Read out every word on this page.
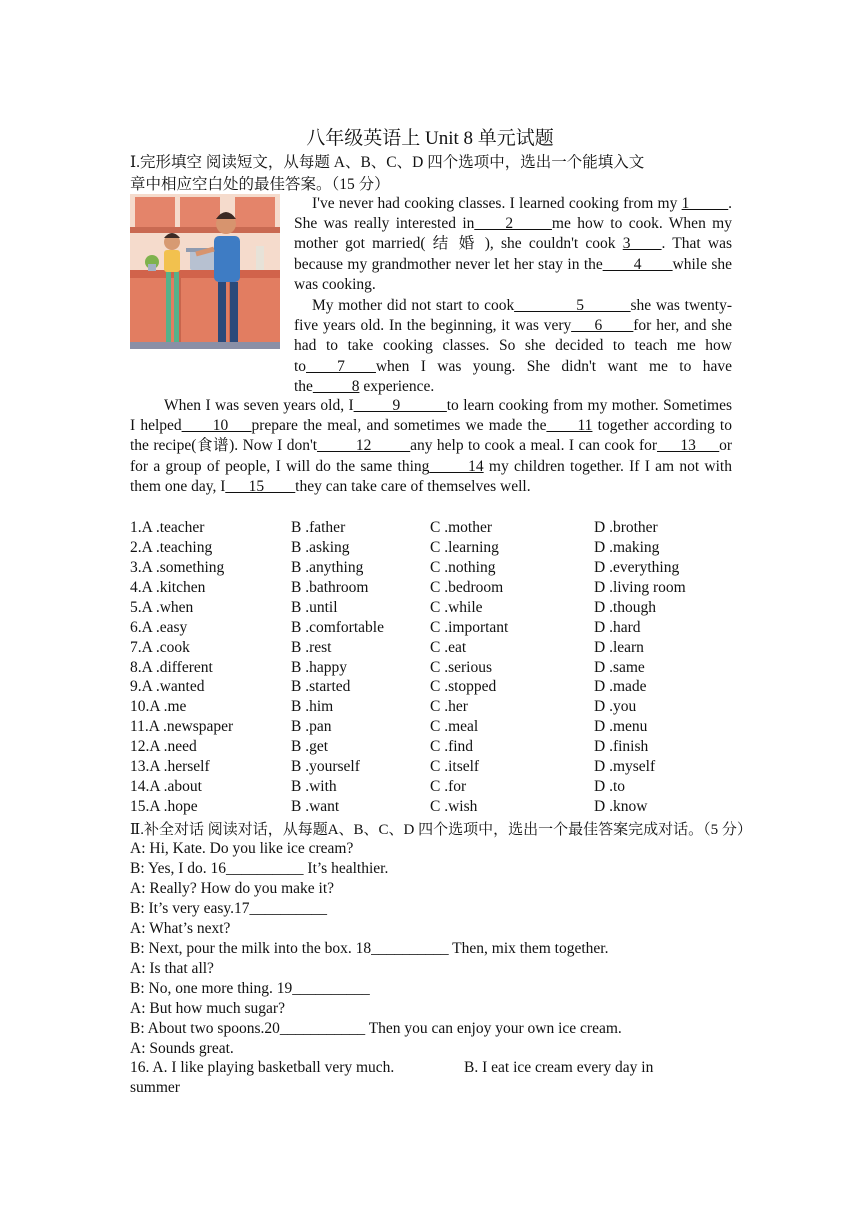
八年级英语上 Unit 8 单元试题
Ⅰ.完形填空 阅读短文，从每题 A、B、C、D 四个选项中，选出一个能填入文
章中相应空白处的最佳答案。（15 分）
I've never had cooking classes. I learned cooking from my 1_____. She was really interested in____2_____me how to cook. When my mother got married( 结 婚 ), she couldn't cook 3____. That was because my grandmother never let her stay in the____4____while she was cooking.
My mother did not start to cook________5______she was twenty-five years old. In the beginning, it was very___6____for her, and she had to take cooking classes. So she decided to teach me how to____7____when I was young. She didn't want me to have the_____8 experience.
When I was seven years old, I_____9______to learn cooking from my mother. Sometimes I helped____10___prepare the meal, and sometimes we made the____11 together according to the recipe(食谱). Now I don't_____12_____any help to cook a meal. I can cook for___13___or for a group of people, I will do the same thing_____14 my children together. If I am not with them one day, I___15____they can take care of themselves well.
1.A .teacher	B .father	C .mother	D .brother
2.A .teaching	B .asking	C .learning	D .making
3.A .something	B .anything	C .nothing	D .everything
4.A .kitchen	B .bathroom	C .bedroom	D .living room
5.A .when	B .until	C .while	D .though
6.A .easy	B .comfortable	C .important	D .hard
7.A .cook	B .rest	C .eat	D .learn
8.A .different	B .happy	C .serious	D .same
9.A .wanted	B .started	C .stopped	D .made
10.A .me	B .him	C .her	D .you
11.A .newspaper	B .pan	C .meal	D .menu
12.A .need	B .get	C .find	D .finish
13.A .herself	B .yourself	C .itself	D .myself
14.A .about	B .with	C .for	D .to
15.A .hope	B .want	C .wish	D .know
Ⅱ.补全对话 阅读对话，从每题A、B、C、D 四个选项中，选出一个最佳答案完成对话。（5 分）
A: Hi, Kate. Do you like ice cream?
B: Yes, I do. 16__________ It’s healthier.
A: Really? How do you make it?
B: It’s very easy.17__________
A: What’s next?
B: Next, pour the milk into the box. 18__________ Then, mix them together.
A: Is that all?
B: No, one more thing. 19__________
A: But how much sugar?
B: About two spoons.20___________ Then you can enjoy your own ice cream.
A: Sounds great.
16. A. I like playing basketball very much.	B. I eat ice cream every day in
summer
